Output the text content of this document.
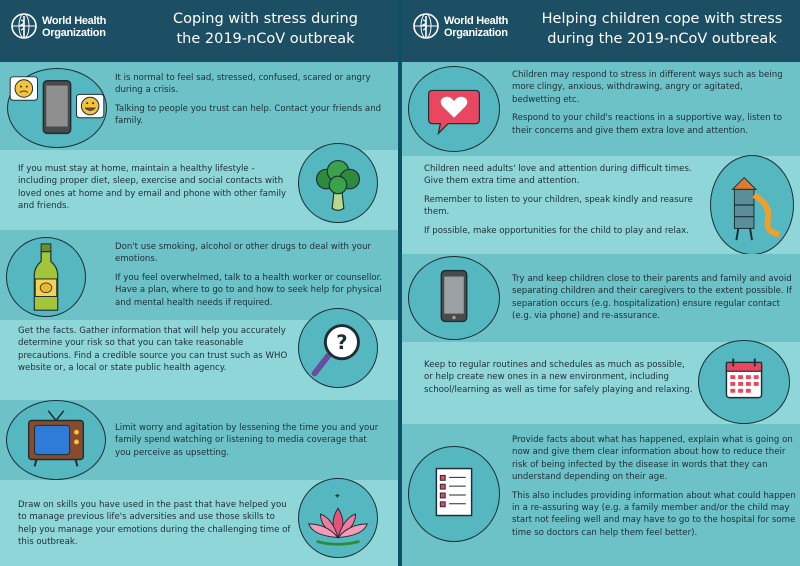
World Health
Organization
Coping with stress during
the 2019-nCoV outbreak

It is normal to feel sad, stressed, confused, scared or angry during a crisis.

Talking to people you trust can help. Contact your friends and family.

If you must stay at home, maintain a healthy lifestyle - including proper diet, sleep, exercise and social contacts with loved ones at home and by email and phone with other family and friends.

Don't use smoking, alcohol or other drugs to deal with your emotions.

If you feel overwhelmed, talk to a health worker or counsellor. Have a plan, where to go to and how to seek help for physical and mental health needs if required.

?

Get the facts. Gather information that will help you accurately determine your risk so that you can take reasonable precautions. Find a credible source you can trust such as WHO website or, a local or state public health agency.

Limit worry and agitation by lessening the time you and your family spend watching or listening to media coverage that you perceive as upsetting.

✦

Draw on skills you have used in the past that have helped you to manage previous life's adversities and use those skills to help you manage your emotions during the challenging time of this outbreak.

World Health
Organization
Helping children cope with stress
during the 2019-nCoV outbreak

Children may respond to stress in different ways such as being more clingy, anxious, withdrawing, angry or agitated, bedwetting etc.

Respond to your child's reactions in a supportive way, listen to their concerns and give them extra love and attention.

Children need adults' love and attention during difficult times. Give them extra time and attention.

Remember to listen to your children, speak kindly and reasure them.

If possible, make opportunities for the child to play and relax.

Try and keep children close to their parents and family and avoid separating children and their caregivers to the extent possible. If separation occurs (e.g. hospitalization) ensure regular contact (e.g. via phone) and re-assurance.

Keep to regular routines and schedules as much as possible, or help create new ones in a new environment, including school/learning as well as time for safely playing and relaxing.

Provide facts about what has happened, explain what is going on now and give them clear information about how to reduce their risk of being infected by the disease in words that they can understand depending on their age.

This also includes providing information about what could happen in a re-assuring way (e.g. a family member and/or the child may start not feeling well and may have to go to the hospital for some time so doctors can help them feel better).
